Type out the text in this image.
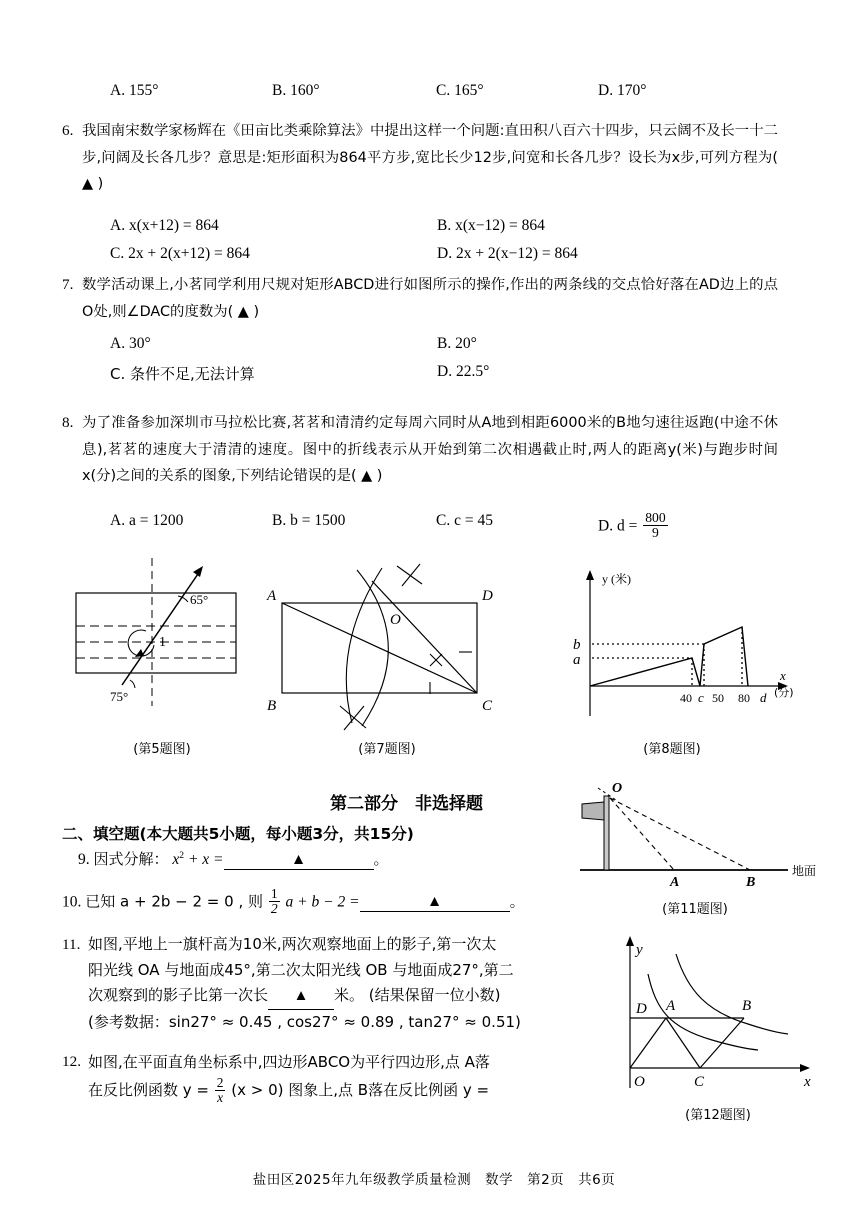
A. 155°	B. 160°	C. 165°	D. 170°
6. 我国南宋数学家杨辉在《田亩比类乘除算法》中提出这样一个问题:直田积八百六十四步，只云阔不及长一十二步,问阔及长各几步？意思是:矩形面积为864平方步,宽比长少12步,问宽和长各几步？设长为x步,可列方程为( ▲ )
A. x(x+12) = 864	B. x(x−12) = 864
C. 2x + 2(x+12) = 864	D. 2x + 2(x−12) = 864
7. 数学活动课上,小茗同学利用尺规对矩形ABCD进行如图所示的操作,作出的两条线的交点恰好落在AD边上的点O处,则∠DAC的度数为( ▲ )
A. 30°	B. 20°
C. 条件不足,无法计算	D. 22.5°
8. 为了准备参加深圳市马拉松比赛,茗茗和清清约定每周六同时从A地到相距6000米的B地匀速往返跑(中途不休息),茗茗的速度大于清清的速度。图中的折线表示从开始到第二次相遇截止时,两人的距离y(米)与跑步时间x(分)之间的关系的图象,下列结论错误的是( ▲ )
A. a = 1200	B. b = 1500	C. c = 45	D. $d = \frac{800}{9}$
65°
1
75°
(第5题图)
A
B	C
D
O
(第7题图)
y (米)
b
a
40 c 50 80 d
x
(分)
(第8题图)
第二部分　非选择题
二、填空题(本大题共5小题，每小题3分，共15分)
9. 因式分解： $x^2 + x$ =	▲	。
10. 已知 a + 2b − 2 = 0 , 则 $\frac{1}{2}$ a + b − 2 =	▲	。
11. 如图,平地上一旗杆高为10米,两次观察地面上的影子,第一次太
阳光线 OA 与地面成45°,第二次太阳光线 OB 与地面成27°,第二
次观察到的影子比第一次长 ▲ 米。 (结果保留一位小数)
(参考数据：sin27° ≈ 0.45 , cos27° ≈ 0.89 , tan27° ≈ 0.51)
12. 如图,在平面直角坐标系中,四边形ABCO为平行四边形,点 A落
在反比例函数 $y = \frac{2}{x} (x > 0)$ 图象上,点 B落在反比例函 y =
O
A	B
地面
(第11题图)
D A	B
O	C	x
y
(第12题图)
盐田区2025年九年级教学质量检测　数学　第2页　共6页
